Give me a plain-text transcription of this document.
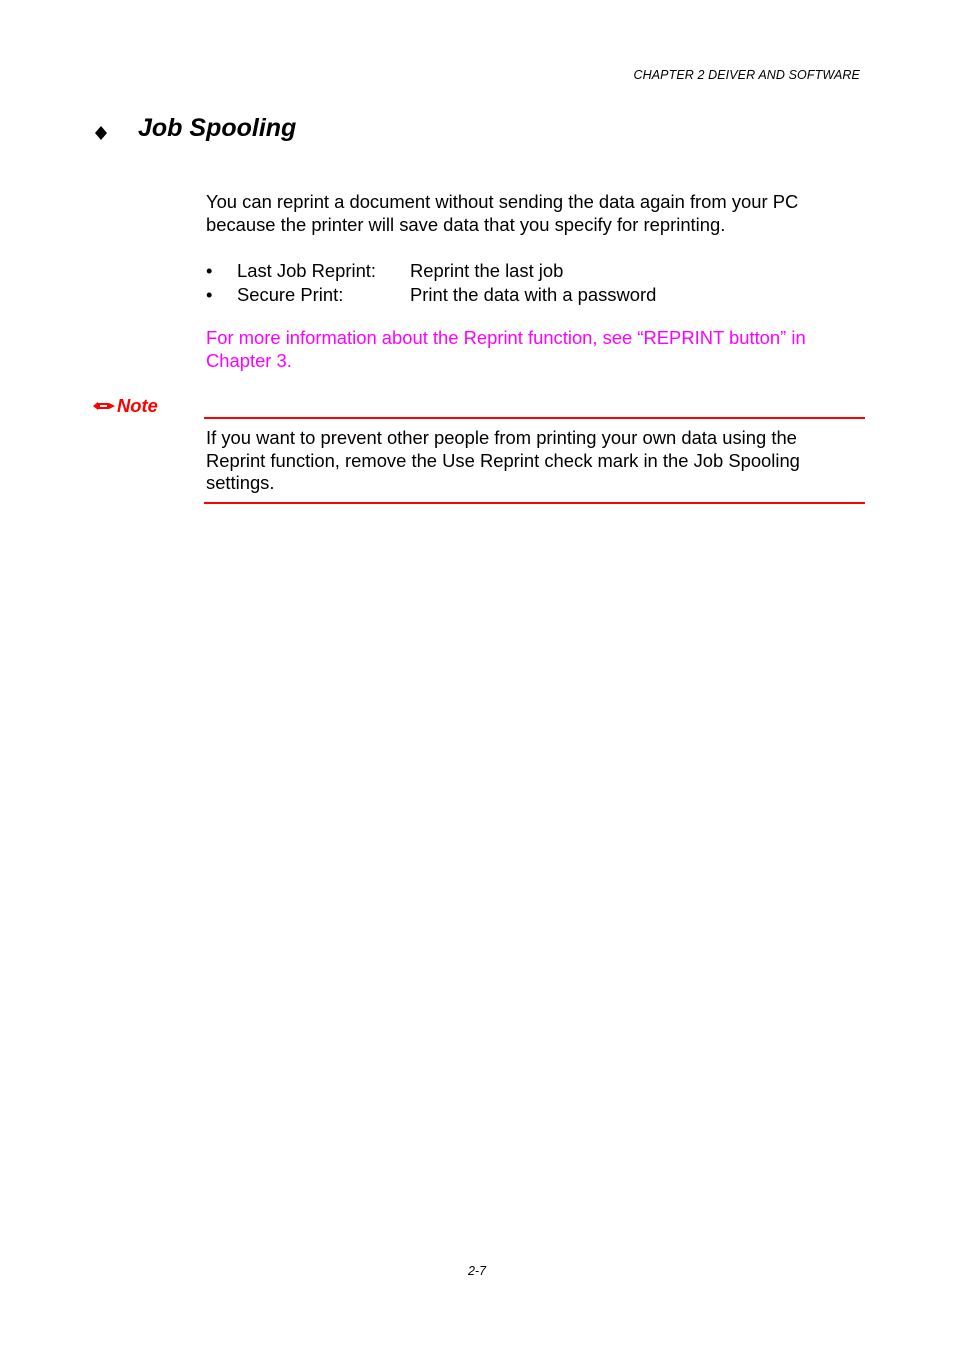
CHAPTER 2 DEIVER AND SOFTWARE
Job Spooling

You can reprint a document without sending the data again from your PC because the printer will save data that you specify for reprinting.

•	Last Job Reprint:	Reprint the last job
•	Secure Print:	Print the data with a password

For more information about the Reprint function, see “REPRINT button” in Chapter 3.

Note

If you want to prevent other people from printing your own data using the Reprint function, remove the Use Reprint check mark in the Job Spooling settings.

2-7
